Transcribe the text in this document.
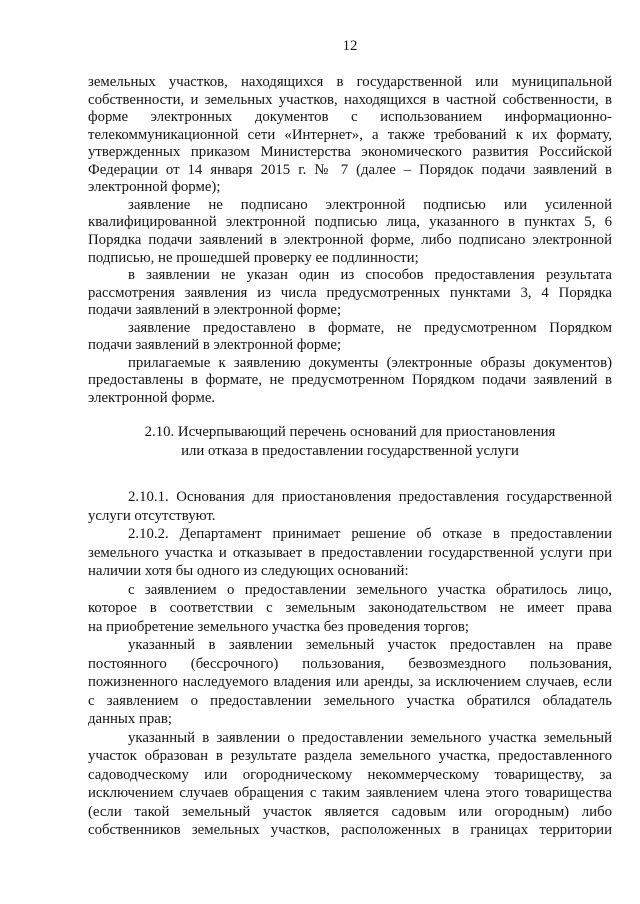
12
земельных участков, находящихся в государственной или муниципальной
собственности, и земельных участков, находящихся в частной собственности, в
форме электронных документов с использованием информационно-
телекоммуникационной сети «Интернет», а также требований к их формату,
утвержденных приказом Министерства экономического развития Российской
Федерации от 14 января 2015 г. № 7 (далее – Порядок подачи заявлений в
электронной форме);
заявление не подписано электронной подписью или усиленной
квалифицированной электронной подписью лица, указанного в пунктах 5, 6
Порядка подачи заявлений в электронной форме, либо подписано электронной
подписью, не прошедшей проверку ее подлинности;
в заявлении не указан один из способов предоставления результата
рассмотрения заявления из числа предусмотренных пунктами 3, 4 Порядка
подачи заявлений в электронной форме;
заявление предоставлено в формате, не предусмотренном Порядком
подачи заявлений в электронной форме;
прилагаемые к заявлению документы (электронные образы документов)
предоставлены в формате, не предусмотренном Порядком подачи заявлений в
электронной форме.
2.10. Исчерпывающий перечень оснований для приостановления
или отказа в предоставлении государственной услуги
2.10.1. Основания для приостановления предоставления государственной
услуги отсутствуют.
2.10.2. Департамент принимает решение об отказе в предоставлении
земельного участка и отказывает в предоставлении государственной услуги при
наличии хотя бы одного из следующих оснований:
с заявлением о предоставлении земельного участка обратилось лицо,
которое в соответствии с земельным законодательством не имеет права
на приобретение земельного участка без проведения торгов;
указанный в заявлении земельный участок предоставлен на праве
постоянного (бессрочного) пользования, безвозмездного пользования,
пожизненного наследуемого владения или аренды, за исключением случаев, если
с заявлением о предоставлении земельного участка обратился обладатель
данных прав;
указанный в заявлении о предоставлении земельного участка земельный
участок образован в результате раздела земельного участка, предоставленного
садоводческому или огородническому некоммерческому товариществу, за
исключением случаев обращения с таким заявлением члена этого товарищества
(если такой земельный участок является садовым или огородным) либо
собственников земельных участков, расположенных в границах территории
